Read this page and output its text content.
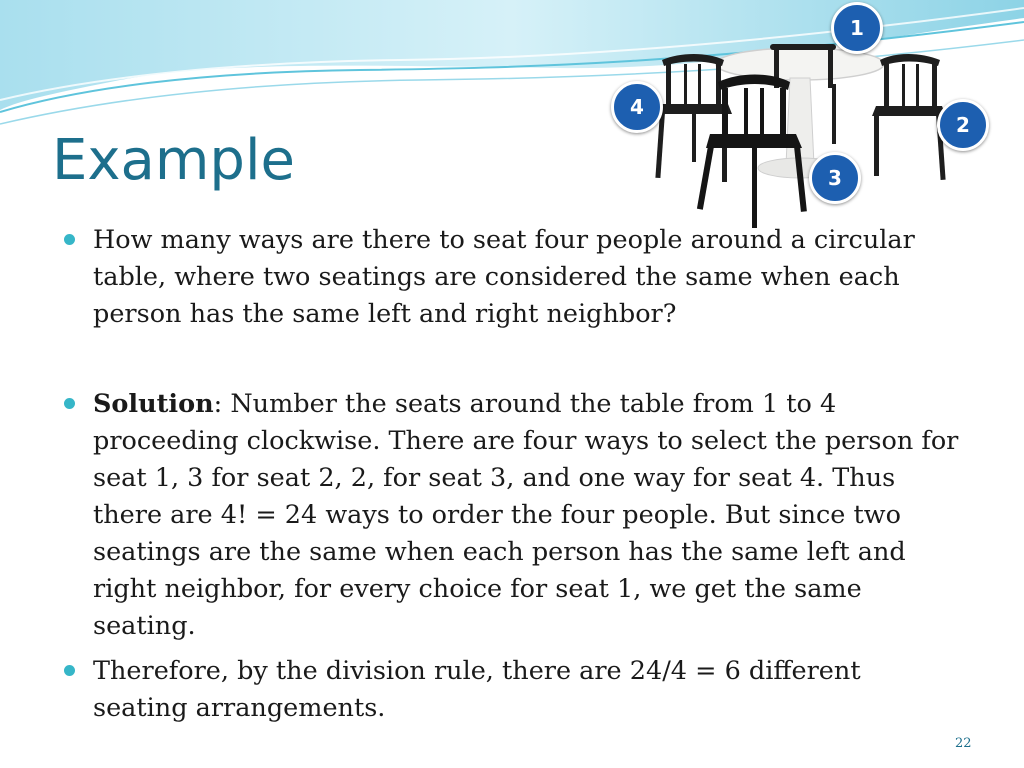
Example
1
2
3
4

How many ways are there to seat four people around a circular table, where two seatings are considered the same when each person has the same left and right neighbor?

Solution: Number the seats around the table from 1 to 4 proceeding clockwise. There are four ways to select the person for seat 1, 3 for seat 2, 2, for seat 3, and one way for seat 4. Thus there are 4! = 24 ways to order the four people. But since two seatings are the same when each person has the same left and right neighbor, for every choice for seat 1, we get the same seating.

Therefore, by the division rule, there are 24/4 = 6 different seating arrangements.

22
